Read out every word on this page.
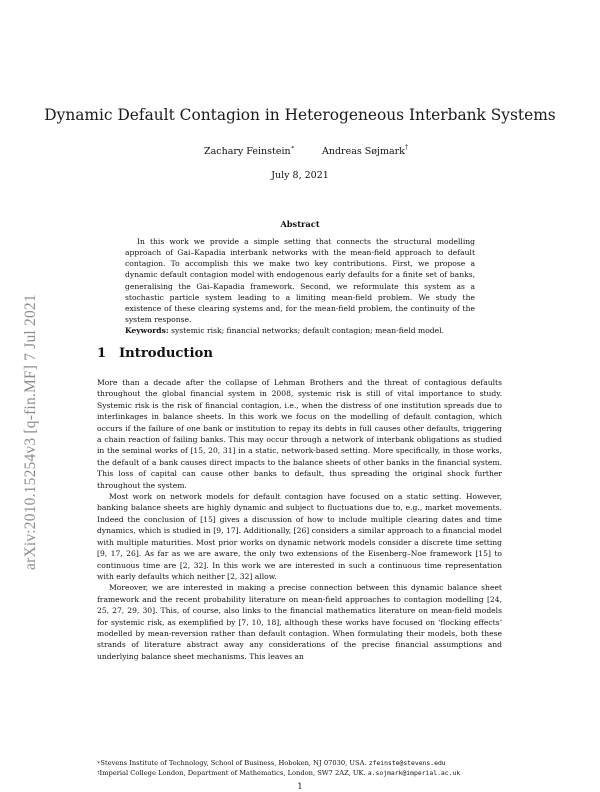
arXiv:2010.15254v3 [q-fin.MF] 7 Jul 2021
Dynamic Default Contagion in Heterogeneous Interbank Systems
Zachary Feinstein∗	Andreas Søjmark†
July 8, 2021
Abstract

In this work we provide a simple setting that connects the structural modelling approach of Gai–Kapadia interbank networks with the mean-field approach to default contagion. To accomplish this we make two key contributions. First, we propose a dynamic default contagion model with endogenous early defaults for a finite set of banks, generalising the Gai–Kapadia framework. Second, we reformulate this system as a stochastic particle system leading to a limiting mean-field problem. We study the existence of these clearing systems and, for the mean-field problem, the continuity of the system response.

Keywords: systemic risk; financial networks; default contagion; mean-field model.
1 Introduction

More than a decade after the collapse of Lehman Brothers and the threat of contagious defaults throughout the global financial system in 2008, systemic risk is still of vital importance to study. Systemic risk is the risk of financial contagion, i.e., when the distress of one institution spreads due to interlinkages in balance sheets. In this work we focus on the modelling of default contagion, which occurs if the failure of one bank or institution to repay its debts in full causes other defaults, triggering a chain reaction of failing banks. This may occur through a network of interbank obligations as studied in the seminal works of [15, 20, 31] in a static, network-based setting. More specifically, in those works, the default of a bank causes direct impacts to the balance sheets of other banks in the financial system. This loss of capital can cause other banks to default, thus spreading the original shock further throughout the system.

Most work on network models for default contagion have focused on a static setting. However, banking balance sheets are highly dynamic and subject to fluctuations due to, e.g., market movements. Indeed the conclusion of [15] gives a discussion of how to include multiple clearing dates and time dynamics, which is studied in [9, 17]. Additionally, [26] considers a similar approach to a financial model with multiple maturities. Most prior works on dynamic network models consider a discrete time setting [9, 17, 26]. As far as we are aware, the only two extensions of the Eisenberg–Noe framework [15] to continuous time are [2, 32]. In this work we are interested in such a continuous time representation with early defaults which neither [2, 32] allow.

Moreover, we are interested in making a precise connection between this dynamic balance sheet framework and the recent probability literature on mean-field approaches to contagion modelling [24, 25, 27, 29, 30]. This, of course, also links to the financial mathematics literature on mean-field models for systemic risk, as exemplified by [7, 10, 18], although these works have focused on ‘flocking effects’ modelled by mean-reversion rather than default contagion. When formulating their models, both these strands of literature abstract away any considerations of the precise financial assumptions and underlying balance sheet mechanisms. This leaves an

∗Stevens Institute of Technology, School of Business, Hoboken, NJ 07030, USA. zfeinste@stevens.edu
†Imperial College London, Department of Mathematics, London, SW7 2AZ, UK. a.sojmark@imperial.ac.uk
1
